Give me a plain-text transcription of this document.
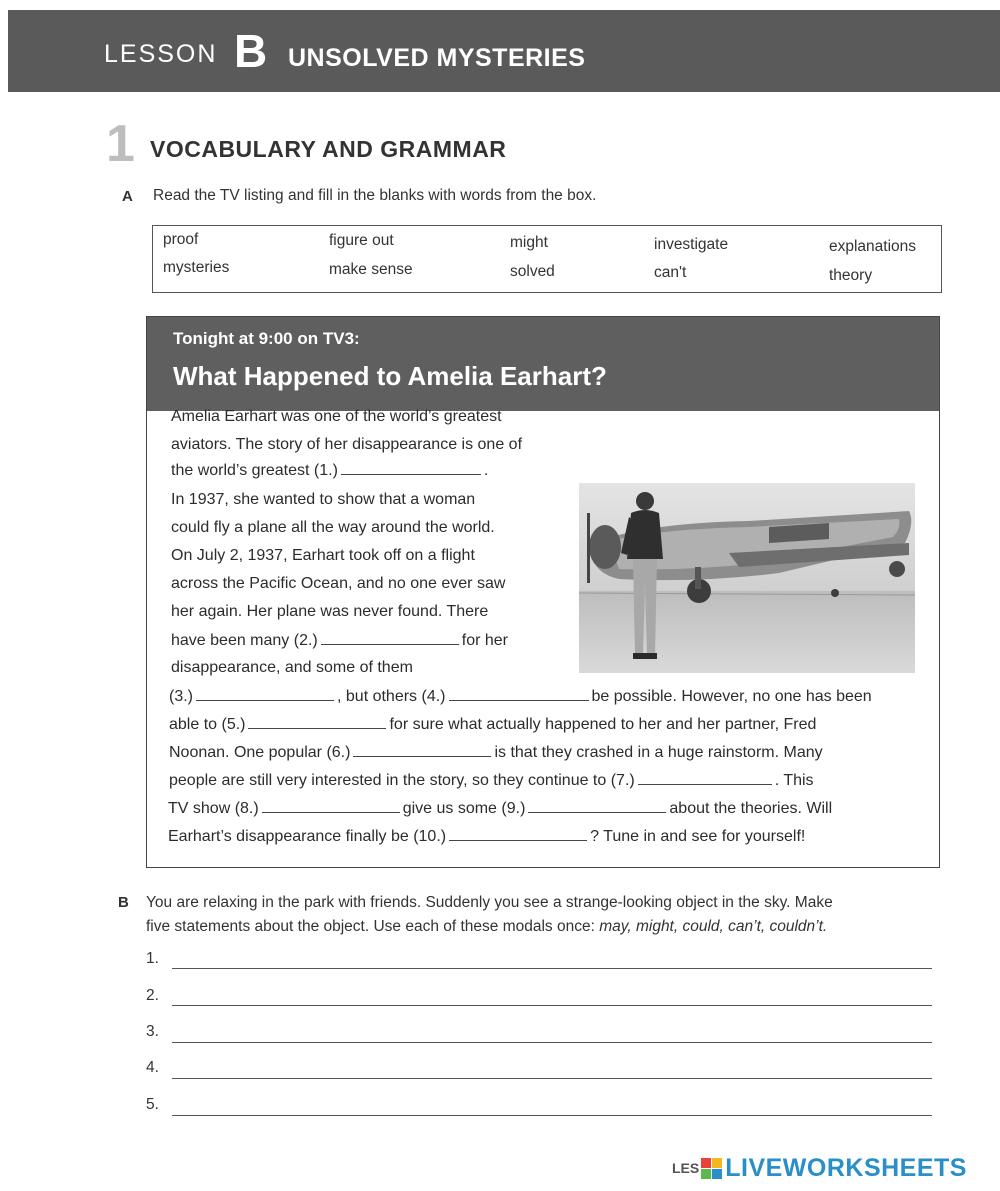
LESSON B UNSOLVED MYSTERIES
1 VOCABULARY AND GRAMMAR
A Read the TV listing and fill in the blanks with words from the box.
proof	figure out	might	investigate	explanations
mysteries	make sense	solved	can't	theory
Tonight at 9:00 on TV3:
What Happened to Amelia Earhart?
Amelia Earhart was one of the world’s greatest
aviators. The story of her disappearance is one of
the world’s greatest (1.)	.
In 1937, she wanted to show that a woman
could fly a plane all the way around the world.
On July 2, 1937, Earhart took off on a flight
across the Pacific Ocean, and no one ever saw
her again. Her plane was never found. There
have been many (2.)	for her
disappearance, and some of them
(3.)	, but others (4.)	be possible. However, no one has been
able to (5.)	for sure what actually happened to her and her partner, Fred
Noonan. One popular (6.)	is that they crashed in a huge rainstorm. Many
people are still very interested in the story, so they continue to (7.)	. This
TV show (8.)	give us some (9.)	about the theories. Will
Earhart’s disappearance finally be (10.)	? Tune in and see for yourself!
B You are relaxing in the park with friends. Suddenly you see a strange-looking object in the sky. Make
five statements about the object. Use each of these modals once: may, might, could, can’t, couldn’t.
1.
2.
3.
4.
5.
LES LIVEWORKSHEETS
